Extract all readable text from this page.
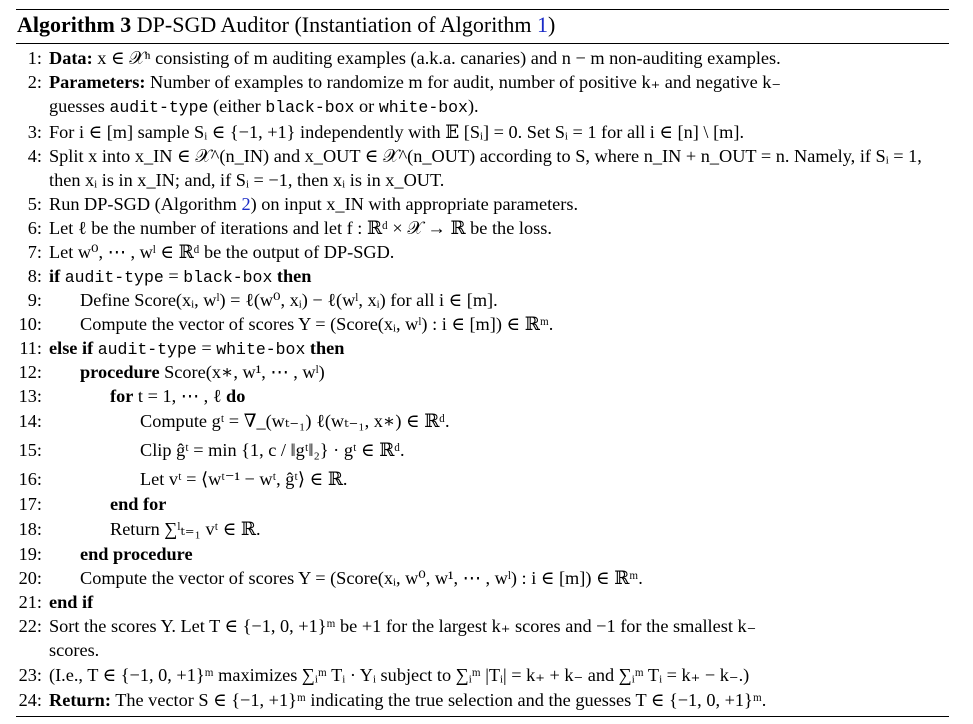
Algorithm 3 DP-SGD Auditor (Instantiation of Algorithm 1)
1: Data: x ∈ 𝒳ⁿ consisting of m auditing examples (a.k.a. canaries) and n − m non-auditing examples.
2: Parameters: Number of examples to randomize m for audit, number of positive k₊ and negative k₋
guesses audit-type (either black-box or white-box).
3: For i ∈ [m] sample Sᵢ ∈ {−1, +1} independently with 𝔼 [Sᵢ] = 0. Set Sᵢ = 1 for all i ∈ [n] \ [m].
4: Split x into x_IN ∈ 𝒳^(n_IN) and x_OUT ∈ 𝒳^(n_OUT) according to S, where n_IN + n_OUT = n. Namely, if Sᵢ = 1,
then xᵢ is in x_IN; and, if Sᵢ = −1, then xᵢ is in x_OUT.
5: Run DP-SGD (Algorithm 2) on input x_IN with appropriate parameters.
6: Let ℓ be the number of iterations and let f : ℝᵈ × 𝒳 → ℝ be the loss.
7: Let w⁰, ⋯ , wˡ ∈ ℝᵈ be the output of DP-SGD.
8: if audit-type = black-box then
9:	Define Score(xᵢ, wˡ) = ℓ(w⁰, xᵢ) − ℓ(wˡ, xᵢ) for all i ∈ [m].
10:	Compute the vector of scores Y = (Score(xᵢ, wˡ) : i ∈ [m]) ∈ ℝᵐ.
11: else if audit-type = white-box then
12:	procedure Score(x∗, w¹, ⋯ , wˡ)
13:	for t = 1, ⋯ , ℓ do
14:	Compute gᵗ = ∇_(wₜ₋₁) ℓ(wₜ₋₁, x∗) ∈ ℝᵈ.
15:	Clip ĝᵗ = min {1, c / ‖gᵗ‖₂} · gᵗ ∈ ℝᵈ.
16:	Let vᵗ = ⟨wᵗ⁻¹ − wᵗ, ĝᵗ⟩ ∈ ℝ.
17:	end for
18:	Return ∑ˡₜ₌₁ vᵗ ∈ ℝ.
19:	end procedure
20:	Compute the vector of scores Y = (Score(xᵢ, w⁰, w¹, ⋯ , wˡ) : i ∈ [m]) ∈ ℝᵐ.
21: end if
22: Sort the scores Y. Let T ∈ {−1, 0, +1}ᵐ be +1 for the largest k₊ scores and −1 for the smallest k₋
scores.
23: (I.e., T ∈ {−1, 0, +1}ᵐ maximizes ∑ᵢᵐ Tᵢ · Yᵢ subject to ∑ᵢᵐ |Tᵢ| = k₊ + k₋ and ∑ᵢᵐ Tᵢ = k₊ − k₋.)
24: Return: The vector S ∈ {−1, +1}ᵐ indicating the true selection and the guesses T ∈ {−1, 0, +1}ᵐ.
